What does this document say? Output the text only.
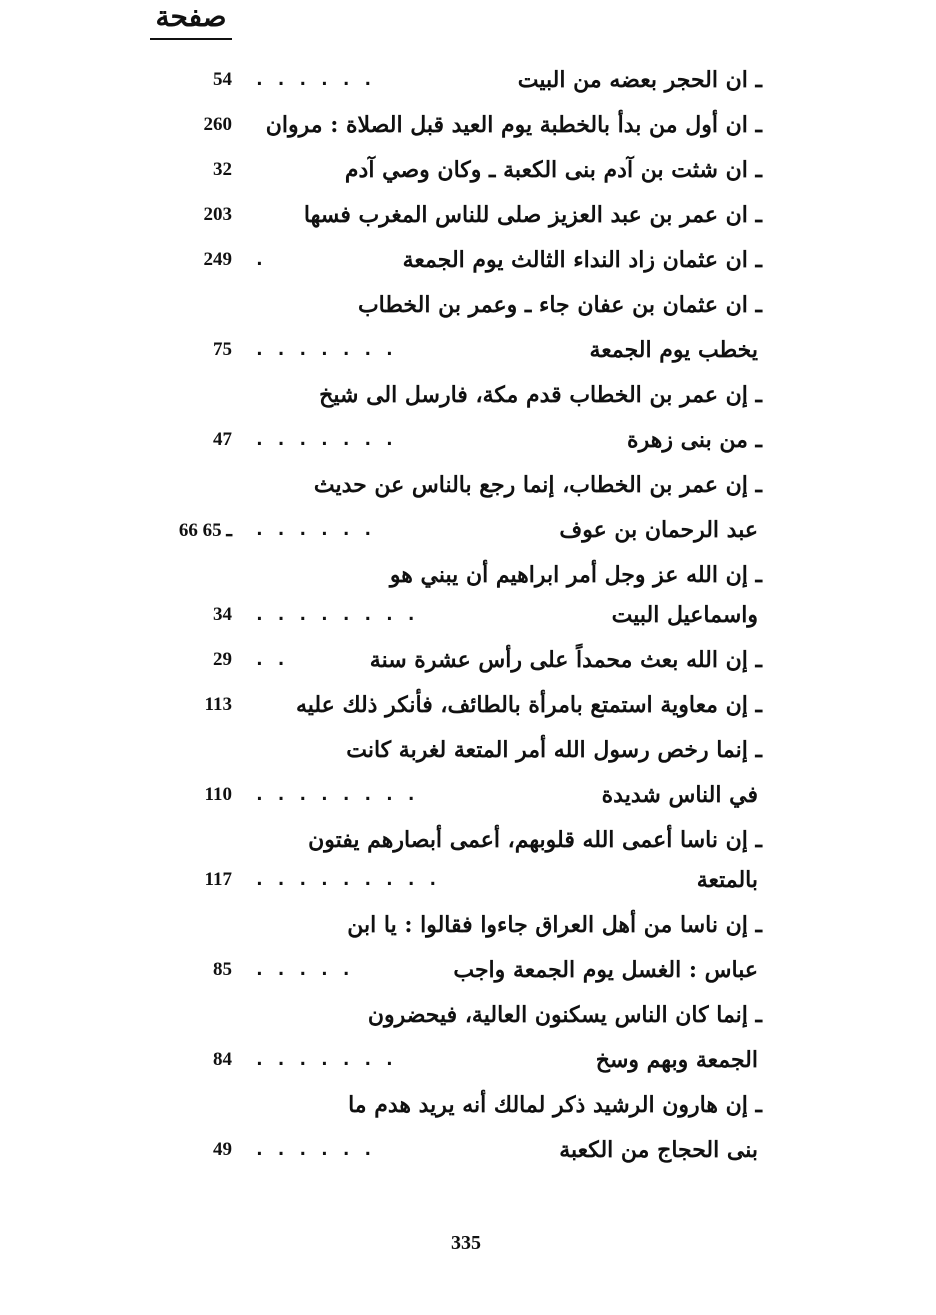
صفحة
ـ ان الحجر بعضه من البيت
. . . . . .
54
ـ ان أول من بدأ بالخطبة يوم العيد قبل الصلاة : مروان
260
ـ ان شثت بن آدم بنى الكعبة ـ وكان وصي آدم
32
ـ ان عمر بن عبد العزيز صلى للناس المغرب فسها
203
ـ ان عثمان زاد النداء الثالث يوم الجمعة
.
249
ـ ان عثمان بن عفان جاء ـ وعمر بن الخطاب
يخطب يوم الجمعة
. . . . . . .
75
ـ إن عمر بن الخطاب قدم مكة، فارسل الى شيخ
ـ من بنى زهرة
. . . . . . .
47
ـ إن عمر بن الخطاب، إنما رجع بالناس عن حديث
عبد الرحمان بن عوف
. . . . . .
66 ـ 65
ـ إن الله عز وجل أمر ابراهيم أن يبني هو
واسماعيل البيت
. . . . . . . .
34
ـ إن الله بعث محمداً على رأس عشرة سنة
. .
29
ـ إن معاوية استمتع بامرأة بالطائف، فأنكر ذلك عليه
113
ـ إنما رخص رسول الله أمر المتعة لغربة كانت
في الناس شديدة
. . . . . . . .
110
ـ إن ناسا أعمى الله قلوبهم، أعمى أبصارهم يفتون
بالمتعة
. . . . . . . . .
117
ـ إن ناسا من أهل العراق جاءوا فقالوا : يا ابن
عباس : الغسل يوم الجمعة واجب
. . . . .
85
ـ إنما كان الناس يسكنون العالية، فيحضرون
الجمعة وبهم وسخ
. . . . . . .
84
ـ إن هارون الرشيد ذكر لمالك أنه يريد هدم ما
بنى الحجاج من الكعبة
. . . . . .
49
335
